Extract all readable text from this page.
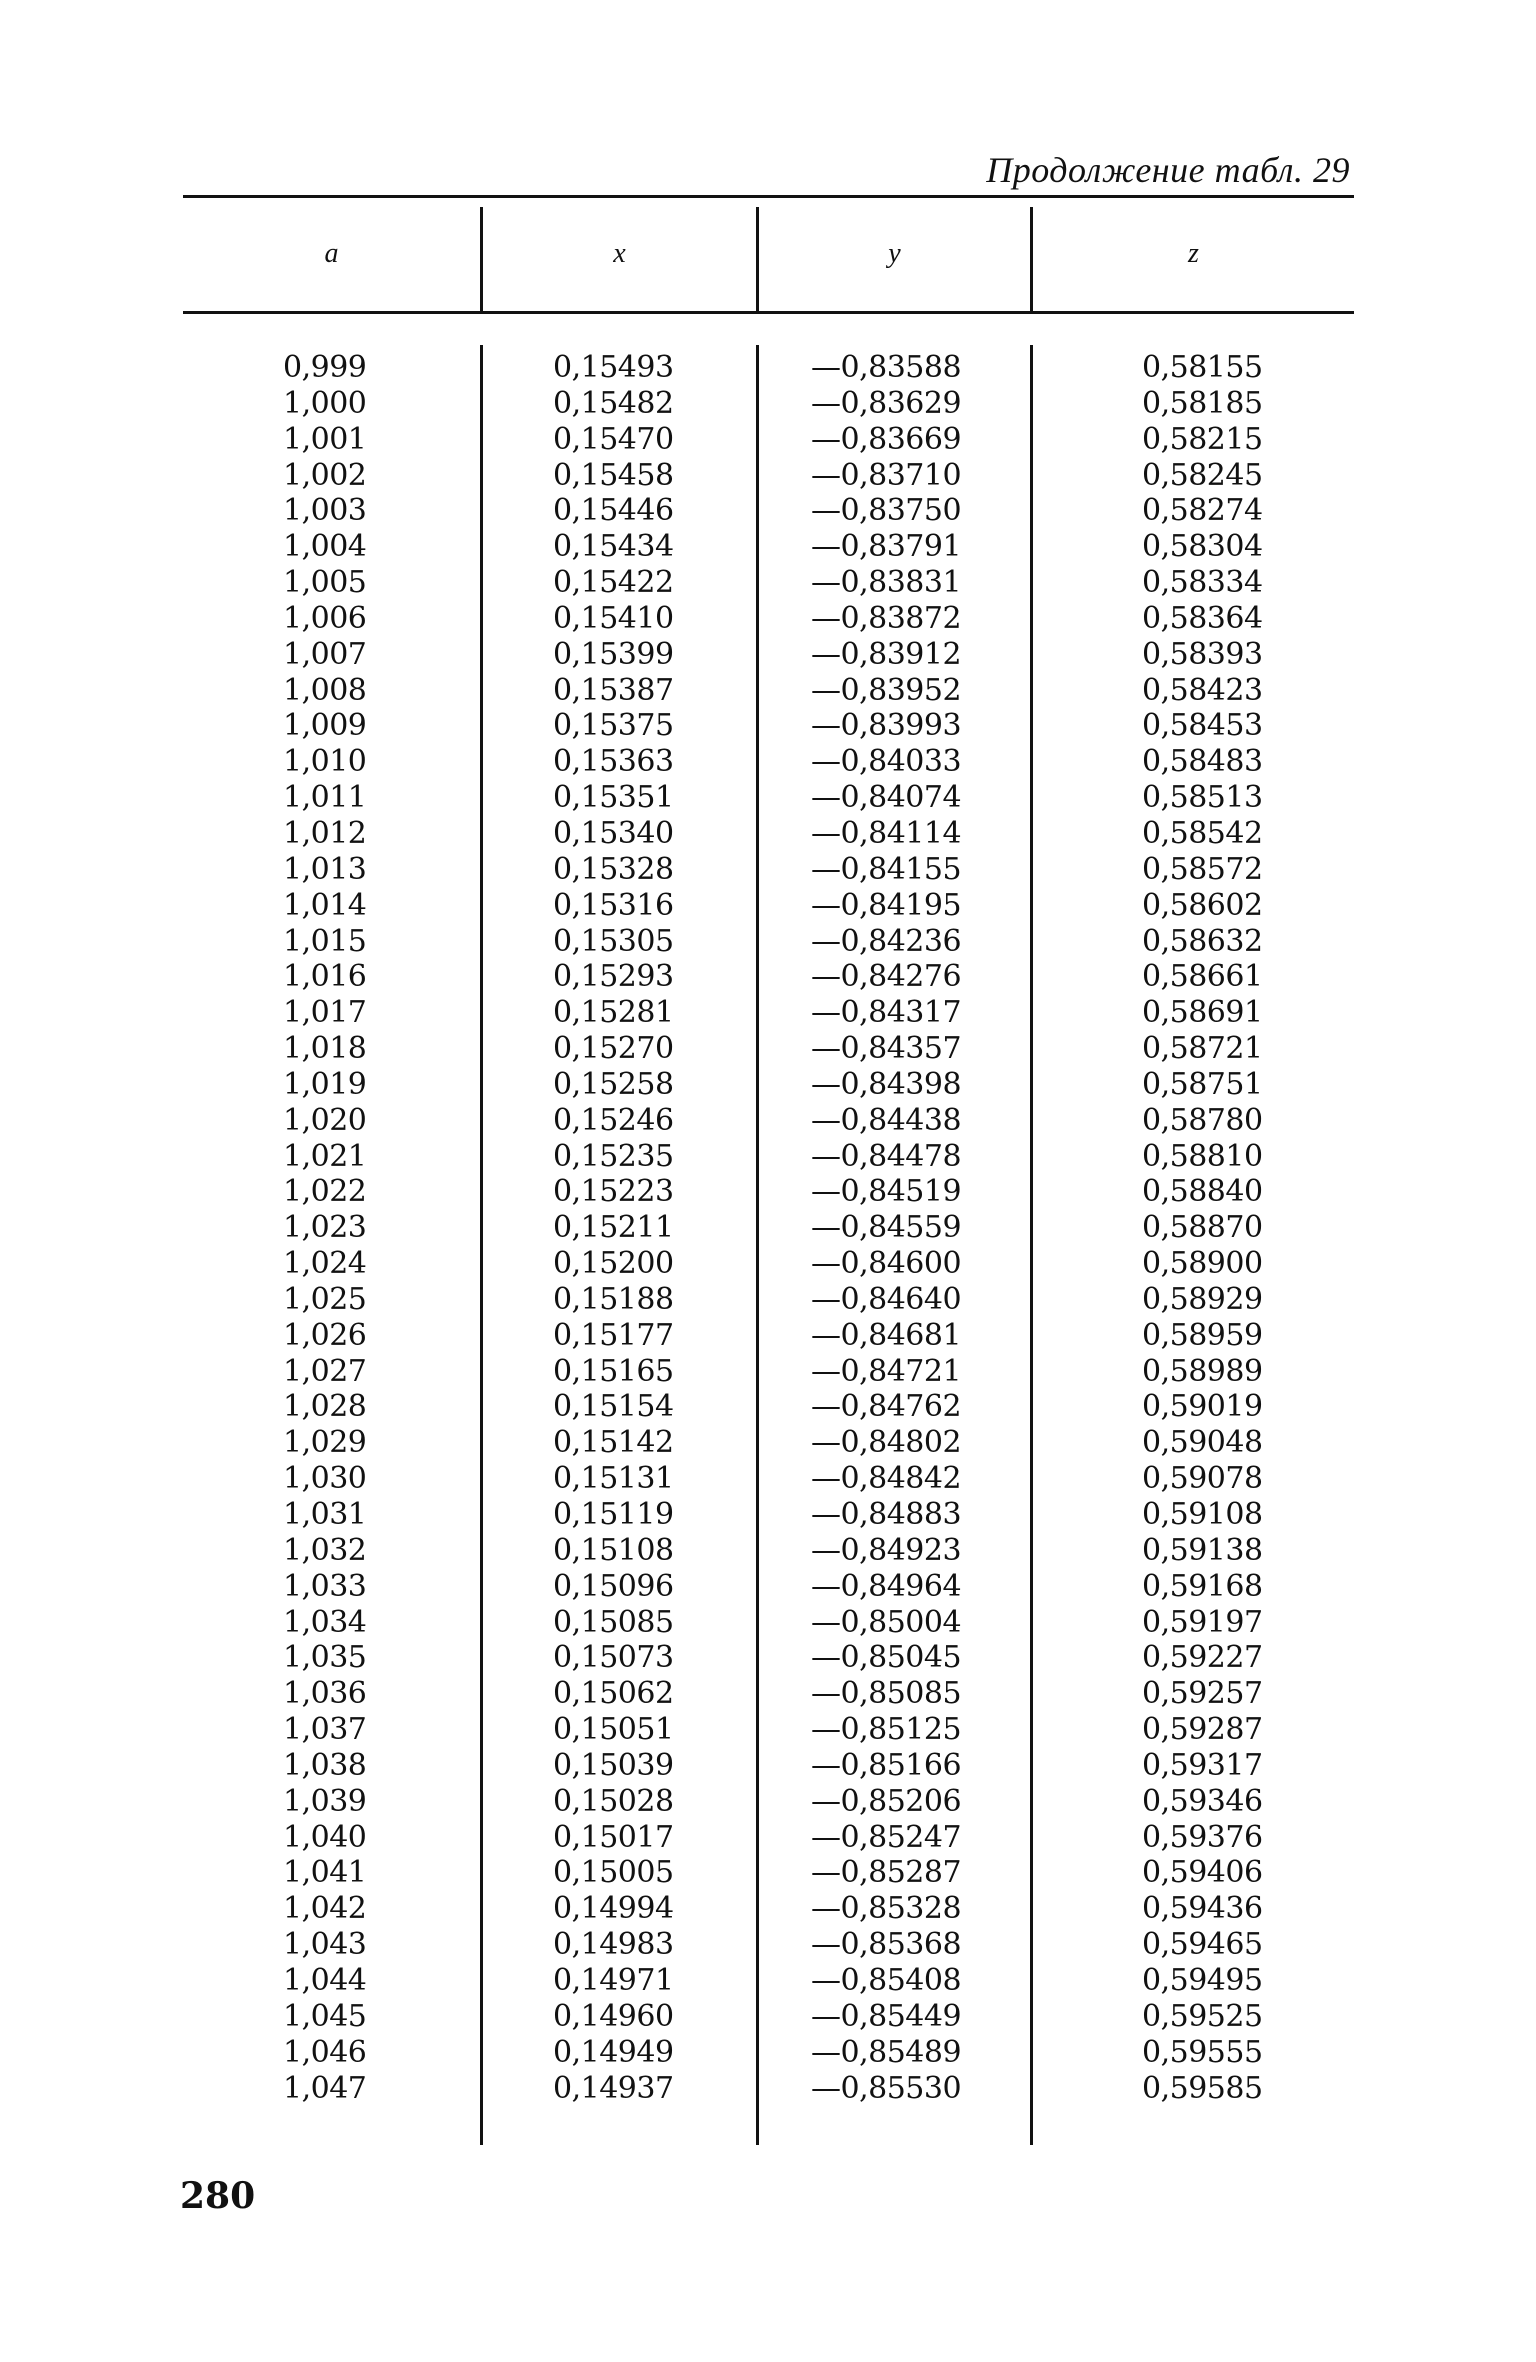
Продолжение табл. 29
a	x	y	z
0,999	0,15493	—0,83588	0,58155
1,000	0,15482	—0,83629	0,58185
1,001	0,15470	—0,83669	0,58215
1,002	0,15458	—0,83710	0,58245
1,003	0,15446	—0,83750	0,58274
1,004	0,15434	—0,83791	0,58304
1,005	0,15422	—0,83831	0,58334
1,006	0,15410	—0,83872	0,58364
1,007	0,15399	—0,83912	0,58393
1,008	0,15387	—0,83952	0,58423
1,009	0,15375	—0,83993	0,58453
1,010	0,15363	—0,84033	0,58483
1,011	0,15351	—0,84074	0,58513
1,012	0,15340	—0,84114	0,58542
1,013	0,15328	—0,84155	0,58572
1,014	0,15316	—0,84195	0,58602
1,015	0,15305	—0,84236	0,58632
1,016	0,15293	—0,84276	0,58661
1,017	0,15281	—0,84317	0,58691
1,018	0,15270	—0,84357	0,58721
1,019	0,15258	—0,84398	0,58751
1,020	0,15246	—0,84438	0,58780
1,021	0,15235	—0,84478	0,58810
1,022	0,15223	—0,84519	0,58840
1,023	0,15211	—0,84559	0,58870
1,024	0,15200	—0,84600	0,58900
1,025	0,15188	—0,84640	0,58929
1,026	0,15177	—0,84681	0,58959
1,027	0,15165	—0,84721	0,58989
1,028	0,15154	—0,84762	0,59019
1,029	0,15142	—0,84802	0,59048
1,030	0,15131	—0,84842	0,59078
1,031	0,15119	—0,84883	0,59108
1,032	0,15108	—0,84923	0,59138
1,033	0,15096	—0,84964	0,59168
1,034	0,15085	—0,85004	0,59197
1,035	0,15073	—0,85045	0,59227
1,036	0,15062	—0,85085	0,59257
1,037	0,15051	—0,85125	0,59287
1,038	0,15039	—0,85166	0,59317
1,039	0,15028	—0,85206	0,59346
1,040	0,15017	—0,85247	0,59376
1,041	0,15005	—0,85287	0,59406
1,042	0,14994	—0,85328	0,59436
1,043	0,14983	—0,85368	0,59465
1,044	0,14971	—0,85408	0,59495
1,045	0,14960	—0,85449	0,59525
1,046	0,14949	—0,85489	0,59555
1,047	0,14937	—0,85530	0,59585
280
